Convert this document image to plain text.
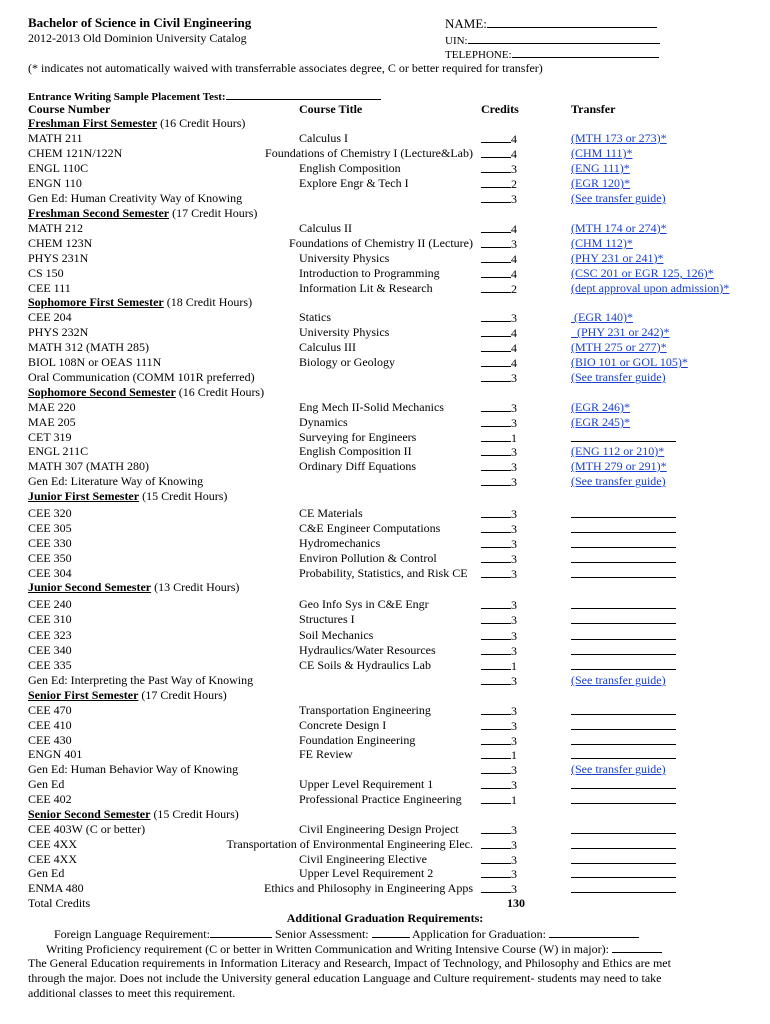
Bachelor of Science in Civil Engineering
2012-2013 Old Dominion University Catalog
NAME:
UIN:
TELEPHONE:
(* indicates not automatically waived with transferrable associates degree, C or better required for transfer)
Entrance Writing Sample Placement Test:
Course Number	Course Title	Credits	Transfer
Freshman First Semester (16 Credit Hours)
MATH 211	Calculus I	4	(MTH 173 or 273)*
CHEM 121N/122N	Foundations of Chemistry I (Lecture&Lab)	4	(CHM 111)*
ENGL 110C	English Composition	3	(ENG 111)*
ENGN 110	Explore Engr & Tech I	2	(EGR 120)*
Gen Ed: Human Creativity Way of Knowing	3	(See transfer guide)
Freshman Second Semester (17 Credit Hours)
MATH 212	Calculus II	4	(MTH 174 or 274)*
CHEM 123N	Foundations of Chemistry II (Lecture)	3	(CHM 112)*
PHYS 231N	University Physics	4	(PHY 231 or 241)*
CS 150	Introduction to Programming	4	(CSC 201 or EGR 125, 126)*
CEE 111	Information Lit & Research	2	(dept approval upon admission)*
Sophomore First Semester (18 Credit Hours)
CEE 204	Statics	3	(EGR 140)*
PHYS 232N	University Physics	4	(PHY 231 or 242)*
MATH 312 (MATH 285)	Calculus III	4	(MTH 275 or 277)*
BIOL 108N or OEAS 111N	Biology or Geology	4	(BIO 101 or GOL 105)*
Oral Communication (COMM 101R preferred)	3	(See transfer guide)
Sophomore Second Semester (16 Credit Hours)
MAE 220	Eng Mech II-Solid Mechanics	3	(EGR 246)*
MAE 205	Dynamics	3	(EGR 245)*
CET 319	Surveying for Engineers	1
ENGL 211C	English Composition II	3	(ENG 112 or 210)*
MATH 307 (MATH 280)	Ordinary Diff Equations	3	(MTH 279 or 291)*
Gen Ed: Literature Way of Knowing	3	(See transfer guide)
Junior First Semester (15 Credit Hours)
CEE 320	CE Materials	3
CEE 305	C&E Engineer Computations	3
CEE 330	Hydromechanics	3
CEE 350	Environ Pollution & Control	3
CEE 304	Probability, Statistics, and Risk CE	3
Junior Second Semester (13 Credit Hours)
CEE 240	Geo Info Sys in C&E Engr	3
CEE 310	Structures I	3
CEE 323	Soil Mechanics	3
CEE 340	Hydraulics/Water Resources	3
CEE 335	CE Soils & Hydraulics Lab	1
Gen Ed: Interpreting the Past Way of Knowing	3	(See transfer guide)
Senior First Semester (17 Credit Hours)
CEE 470	Transportation Engineering	3
CEE 410	Concrete Design I	3
CEE 430	Foundation Engineering	3
ENGN 401	FE Review	1
Gen Ed: Human Behavior Way of Knowing	3	(See transfer guide)
Gen Ed	Upper Level Requirement 1	3
CEE 402	Professional Practice Engineering	1
Senior Second Semester (15 Credit Hours)
CEE 403W (C or better)	Civil Engineering Design Project	3
CEE 4XX	Transportation of Environmental Engineering Elec.	3
CEE 4XX	Civil Engineering Elective	3
Gen Ed	Upper Level Requirement 2	3
ENMA 480	Ethics and Philosophy in Engineering Apps	3
Total Credits	130
Additional Graduation Requirements:
Foreign Language Requirement:	Senior Assessment:	Application for Graduation:
Writing Proficiency requirement (C or better in Written Communication and Writing Intensive Course (W) in major):
The General Education requirements in Information Literacy and Research, Impact of Technology, and Philosophy and Ethics are met
through the major. Does not include the University general education Language and Culture requirement- students may need to take
additional classes to meet this requirement.
